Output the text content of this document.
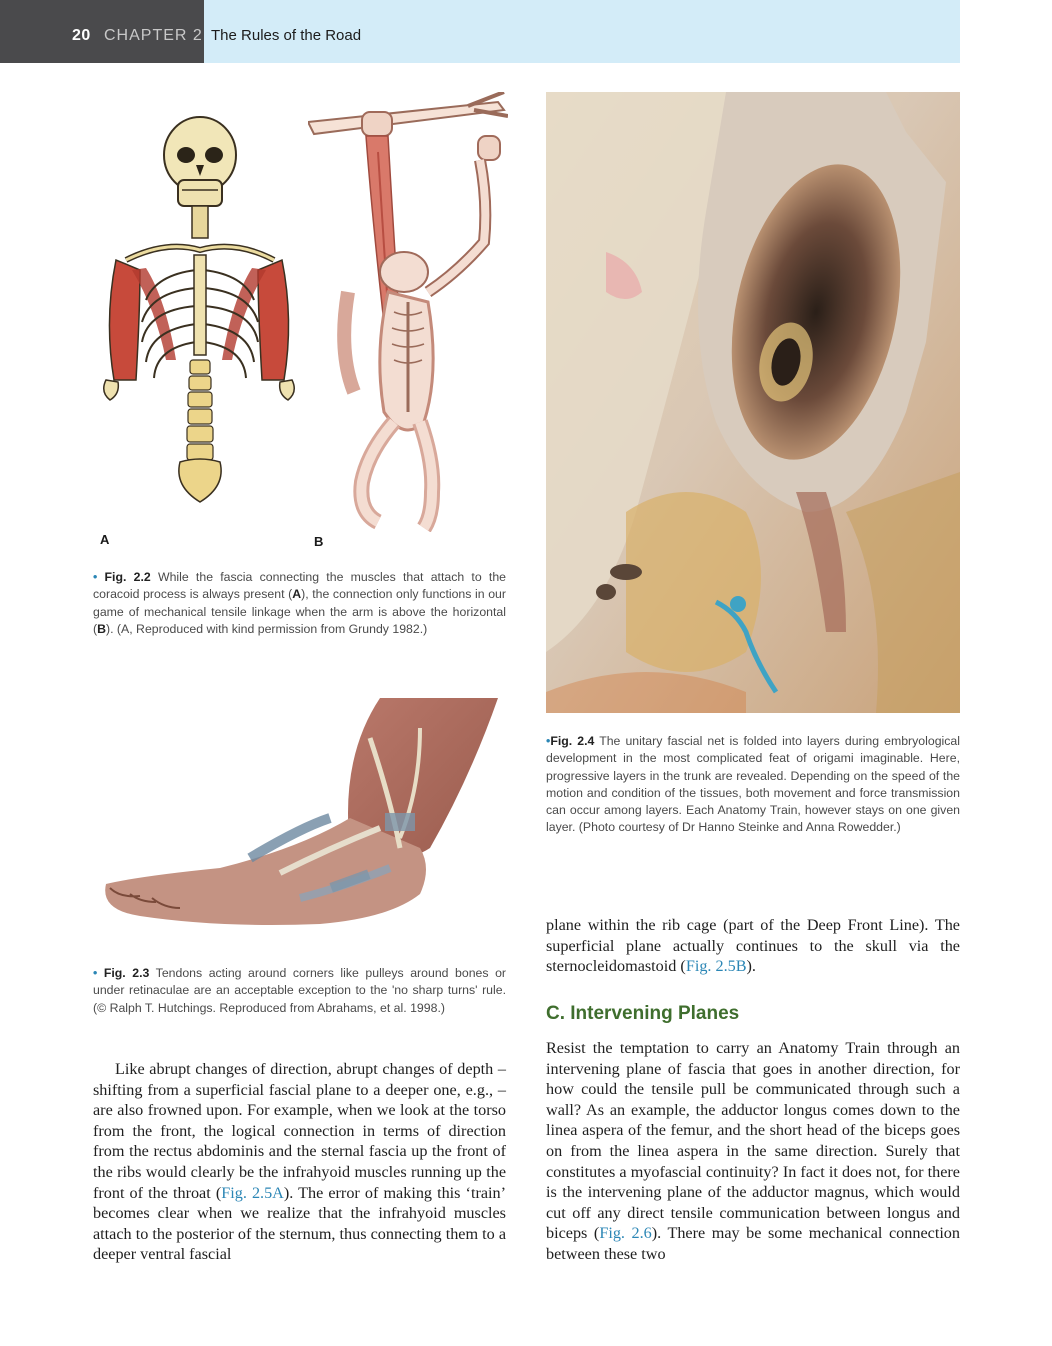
20 CHAPTER 2 The Rules of the Road
A	B
• Fig. 2.2 While the fascia connecting the muscles that attach to the coracoid process is always present (A), the connection only functions in our game of mechanical tensile linkage when the arm is above the horizontal (B). (A, Reproduced with kind permission from Grundy 1982.)
•Fig. 2.4 The unitary fascial net is folded into layers during embryological development in the most complicated feat of origami imaginable. Here, progressive layers in the trunk are revealed. Depending on the speed of the motion and condition of the tissues, both movement and force transmission can occur among layers. Each Anatomy Train, however stays on one given layer. (Photo courtesy of Dr Hanno Steinke and Anna Rowedder.)
• Fig. 2.3 Tendons acting around corners like pulleys around bones or under retinaculae are an acceptable exception to the 'no sharp turns' rule. (© Ralph T. Hutchings. Reproduced from Abrahams, et al. 1998.)

Like abrupt changes of direction, abrupt changes of depth – shifting from a superficial fascial plane to a deeper one, e.g., – are also frowned upon. For example, when we look at the torso from the front, the logical connection in terms of direction from the rectus abdominis and the sternal fascia up the front of the ribs would clearly be the infrahyoid muscles running up the front of the throat (Fig. 2.5A). The error of making this ‘train’ becomes clear when we realize that the infrahyoid muscles attach to the posterior of the sternum, thus connecting them to a deeper ventral fascial

plane within the rib cage (part of the Deep Front Line). The superficial plane actually continues to the skull via the sternocleidomastoid (Fig. 2.5B).

C. Intervening Planes

Resist the temptation to carry an Anatomy Train through an intervening plane of fascia that goes in another direction, for how could the tensile pull be communicated through such a wall? As an example, the adductor longus comes down to the linea aspera of the femur, and the short head of the biceps goes on from the linea aspera in the same direction. Surely that constitutes a myofascial continuity? In fact it does not, for there is the intervening plane of the adductor magnus, which would cut off any direct tensile communication between longus and biceps (Fig. 2.6). There may be some mechanical connection between these two
